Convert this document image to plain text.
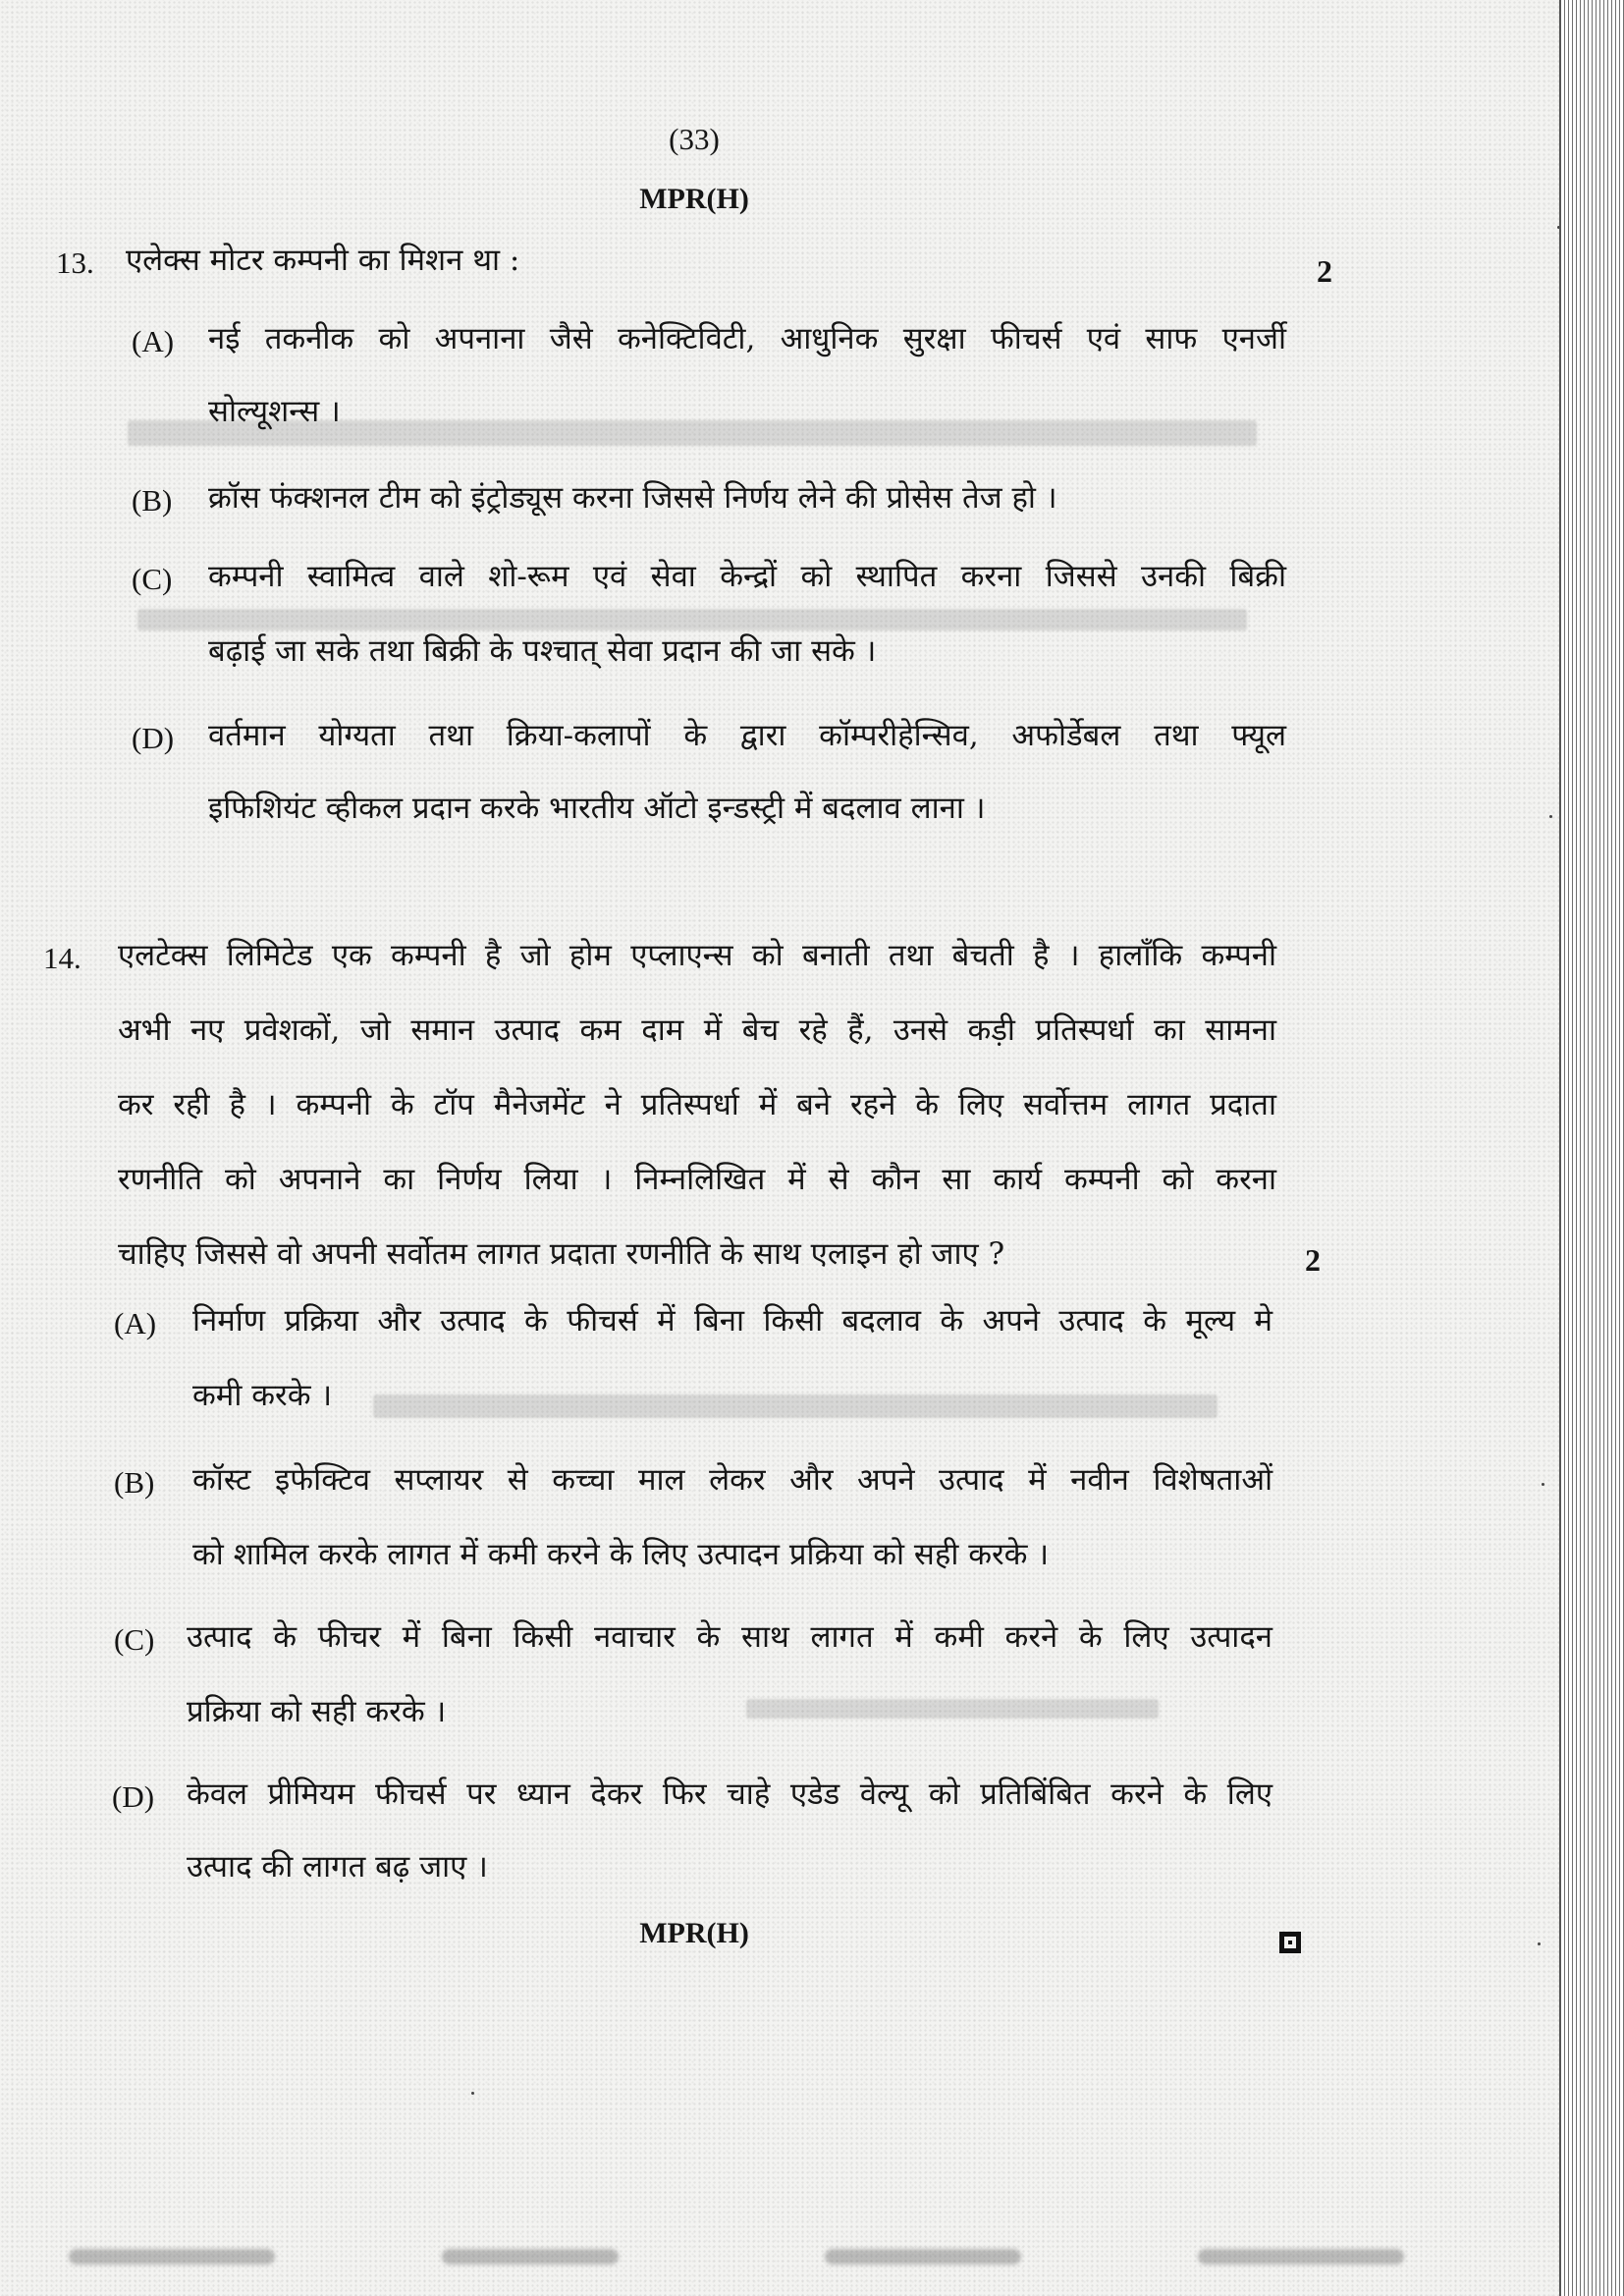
(33)
MPR(H)
13. एलेक्स मोटर कम्पनी का मिशन था :	2
(A) नई तकनीक को अपनाना जैसे कनेक्टिविटी, आधुनिक सुरक्षा फीचर्स एवं साफ एनर्जी
सोल्यूशन्स ।
(B) क्रॉस फंक्शनल टीम को इंट्रोड्यूस करना जिससे निर्णय लेने की प्रोसेस तेज हो ।
(C) कम्पनी स्वामित्व वाले शो-रूम एवं सेवा केन्द्रों को स्थापित करना जिससे उनकी बिक्री
बढ़ाई जा सके तथा बिक्री के पश्चात् सेवा प्रदान की जा सके ।
(D) वर्तमान योग्यता तथा क्रिया-कलापों के द्वारा कॉम्परीहेन्सिव, अफोर्डेबल तथा फ्यूल
इफिशियंट व्हीकल प्रदान करके भारतीय ऑटो इन्डस्ट्री में बदलाव लाना ।
14. एलटेक्स लिमिटेड एक कम्पनी है जो होम एप्लाएन्स को बनाती तथा बेचती है । हालाँकि कम्पनी
अभी नए प्रवेशकों, जो समान उत्पाद कम दाम में बेच रहे हैं, उनसे कड़ी प्रतिस्पर्धा का सामना
कर रही है । कम्पनी के टॉप मैनेजमेंट ने प्रतिस्पर्धा में बने रहने के लिए सर्वोत्तम लागत प्रदाता
रणनीति को अपनाने का निर्णय लिया । निम्नलिखित में से कौन सा कार्य कम्पनी को करना
चाहिए जिससे वो अपनी सर्वोतम लागत प्रदाता रणनीति के साथ एलाइन हो जाए ?	2
(A) निर्माण प्रक्रिया और उत्पाद के फीचर्स में बिना किसी बदलाव के अपने उत्पाद के मूल्य मे
कमी करके ।
(B) कॉस्ट इफेक्टिव सप्लायर से कच्चा माल लेकर और अपने उत्पाद में नवीन विशेषताओं
को शामिल करके लागत में कमी करने के लिए उत्पादन प्रक्रिया को सही करके ।
(C) उत्पाद के फीचर में बिना किसी नवाचार के साथ लागत में कमी करने के लिए उत्पादन
प्रक्रिया को सही करके ।
(D) केवल प्रीमियम फीचर्स पर ध्यान देकर फिर चाहे एडेड वेल्यू को प्रतिबिंबित करने के लिए
उत्पाद की लागत बढ़ जाए ।
MPR(H)
